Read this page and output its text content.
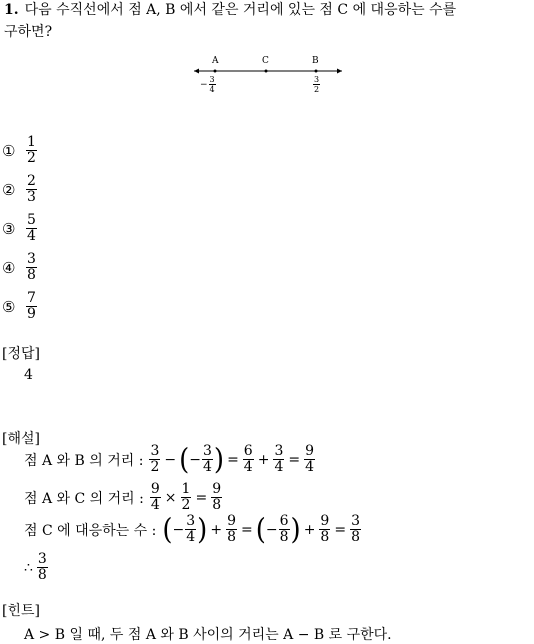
1. 다음 수직선에서 점 A, B 에서 같은 거리에 있는 점 C 에 대응하는 수를
구하면?
A	C	B
− $\frac{3}{4}$	$\frac{3}{2}$
① $\frac{1}{2}$
② $\frac{2}{3}$
③ $\frac{5}{4}$
④ $\frac{3}{8}$
⑤ $\frac{7}{9}$
[정답]
4
[해설]
점 A 와 B 의 거리 : $\frac{3}{2}$ − ( − $\frac{3}{4}$ ) = $\frac{6}{4} + \frac{3}{4} = \frac{9}{4}$
점 A 와 C 의 거리 : $\frac{9}{4} \times \frac{1}{2} = \frac{9}{8}$
점 C 에 대응하는 수 : ( − $\frac{3}{4}$ ) + $\frac{9}{8}$ = ( − $\frac{6}{8}$ ) + $\frac{9}{8} = \frac{3}{8}$
∴ $\frac{3}{8}$
[힌트]
A > B 일 때, 두 점 A 와 B 사이의 거리는 A − B 로 구한다.
